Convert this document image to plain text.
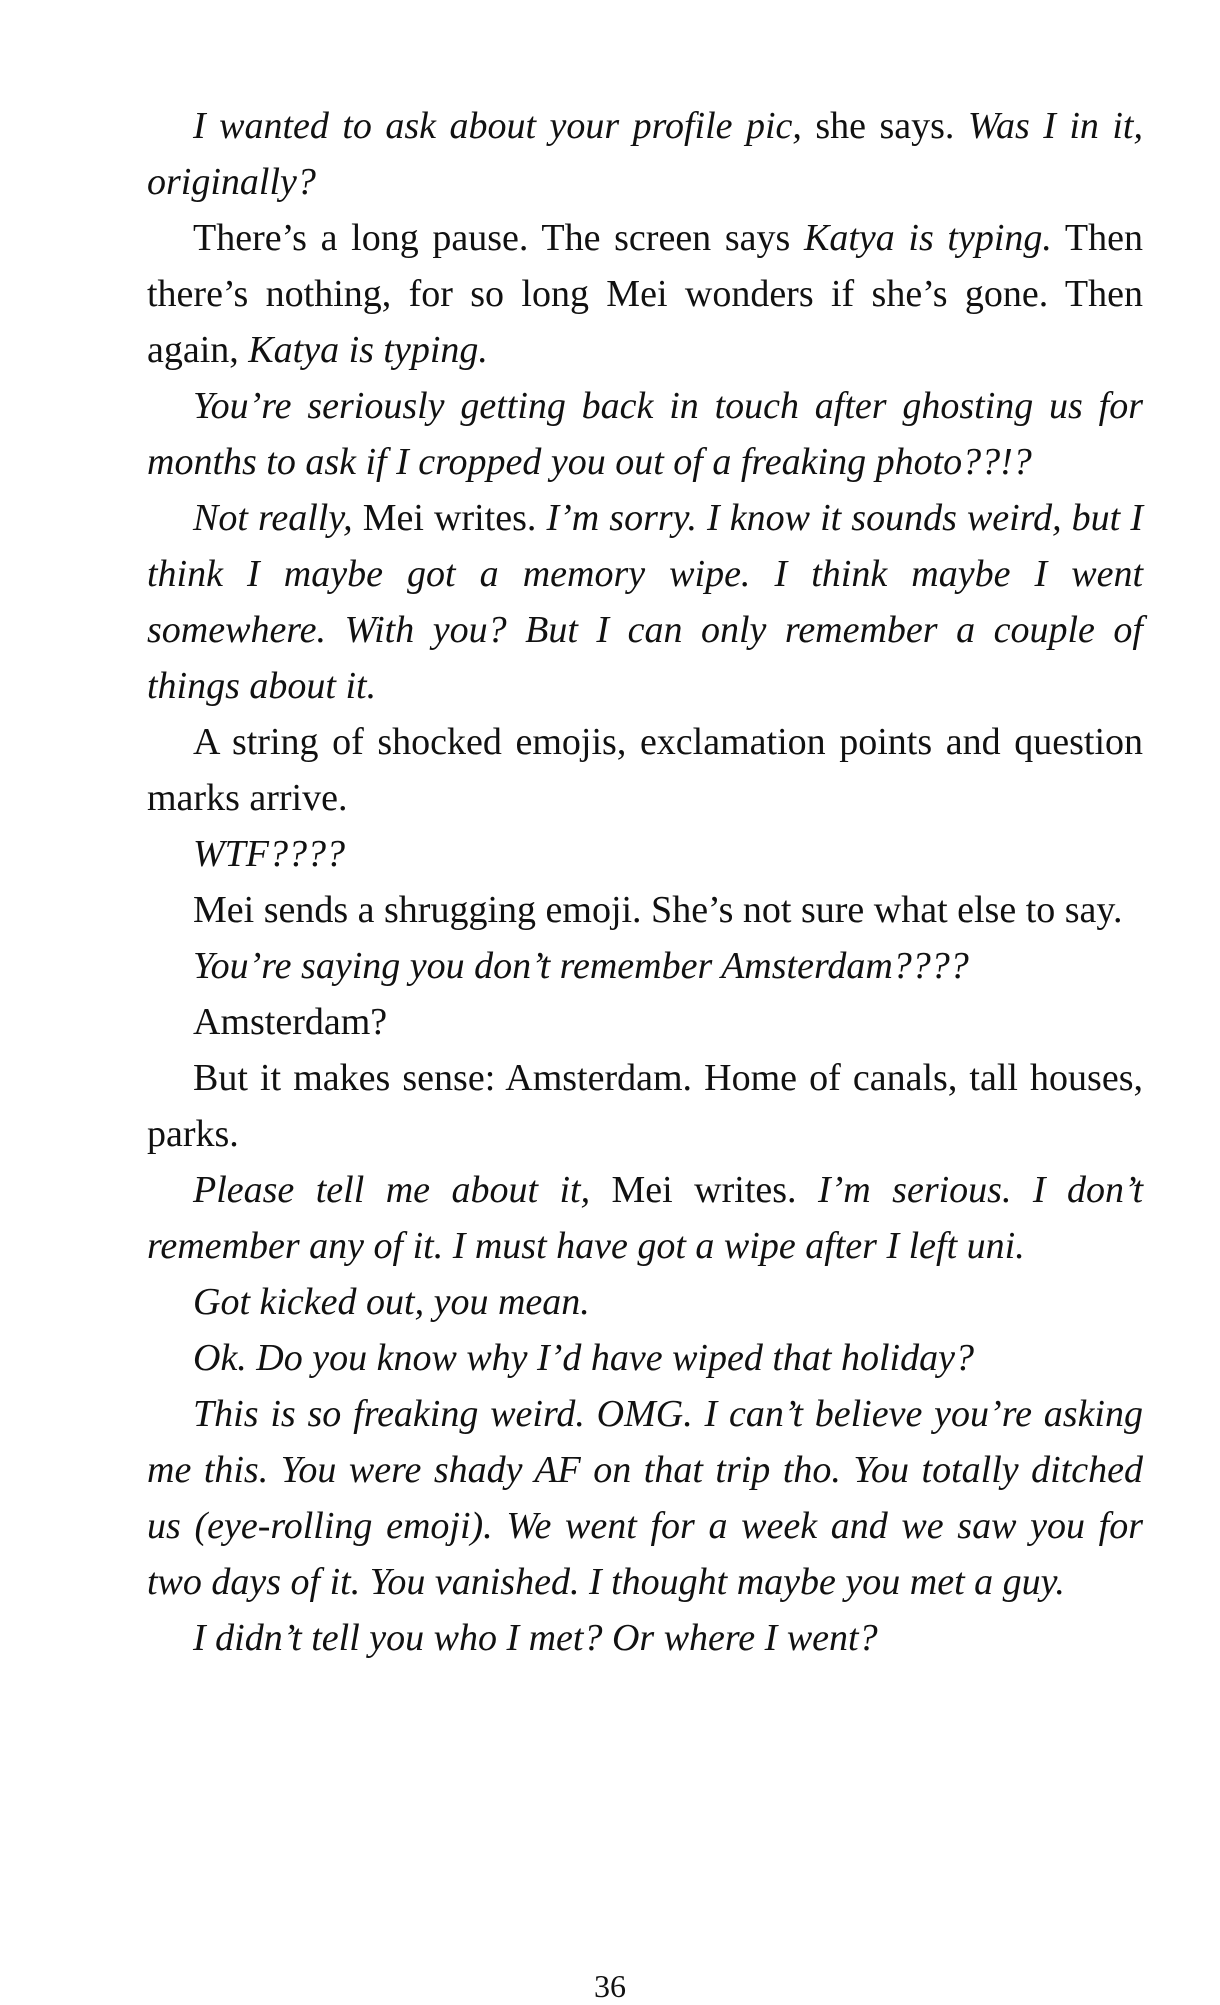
I wanted to ask about your profile pic, she says. Was I in it, originally?

There’s a long pause. The screen says Katya is typing. Then there’s nothing, for so long Mei wonders if she’s gone. Then again, Katya is typing.

You’re seriously getting back in touch after ghosting us for months to ask if I cropped you out of a freaking photo??!?

Not really, Mei writes. I’m sorry. I know it sounds weird, but I think I maybe got a memory wipe. I think maybe I went somewhere. With you? But I can only remember a couple of things about it.

A string of shocked emojis, exclamation points and question marks arrive.

WTF????

Mei sends a shrugging emoji. She’s not sure what else to say.

You’re saying you don’t remember Amsterdam????

Amsterdam?

But it makes sense: Amsterdam. Home of canals, tall houses, parks.

Please tell me about it, Mei writes. I’m serious. I don’t remember any of it. I must have got a wipe after I left uni.

Got kicked out, you mean.

Ok. Do you know why I’d have wiped that holiday?

This is so freaking weird. OMG. I can’t believe you’re asking me this. You were shady AF on that trip tho. You totally ditched us (eye-rolling emoji). We went for a week and we saw you for two days of it. You vanished. I thought maybe you met a guy.

I didn’t tell you who I met? Or where I went?

36
